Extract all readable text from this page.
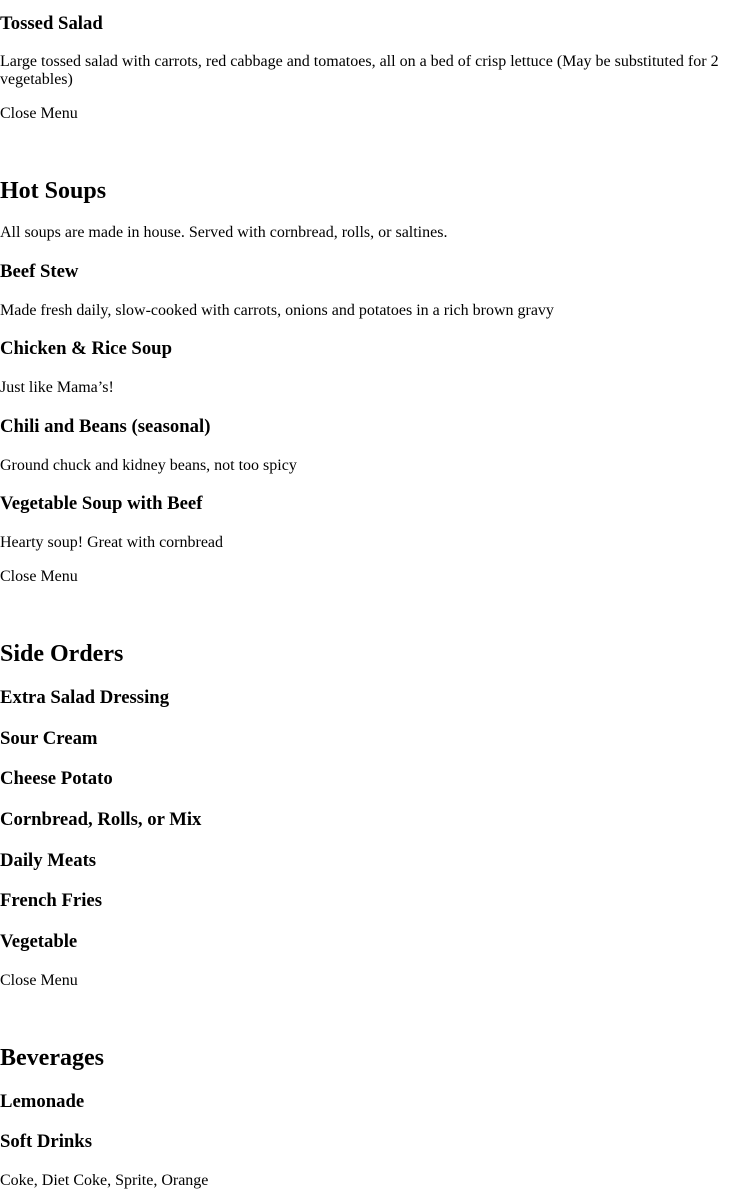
Tossed Salad

Large tossed salad with carrots, red cabbage and tomatoes, all on a bed of crisp lettuce (May be substituted for 2 vegetables)

Close Menu
Hot Soups

All soups are made in house. Served with cornbread, rolls, or saltines.

Beef Stew

Made fresh daily, slow-cooked with carrots, onions and potatoes in a rich brown gravy

Chicken & Rice Soup

Just like Mama’s!

Chili and Beans (seasonal)

Ground chuck and kidney beans, not too spicy

Vegetable Soup with Beef

Hearty soup! Great with cornbread

Close Menu
Side Orders
Extra Salad Dressing
Sour Cream
Cheese Potato
Cornbread, Rolls, or Mix
Daily Meats
French Fries
Vegetable
Close Menu
Beverages
Lemonade
Soft Drinks

Coke, Diet Coke, Sprite, Orange
